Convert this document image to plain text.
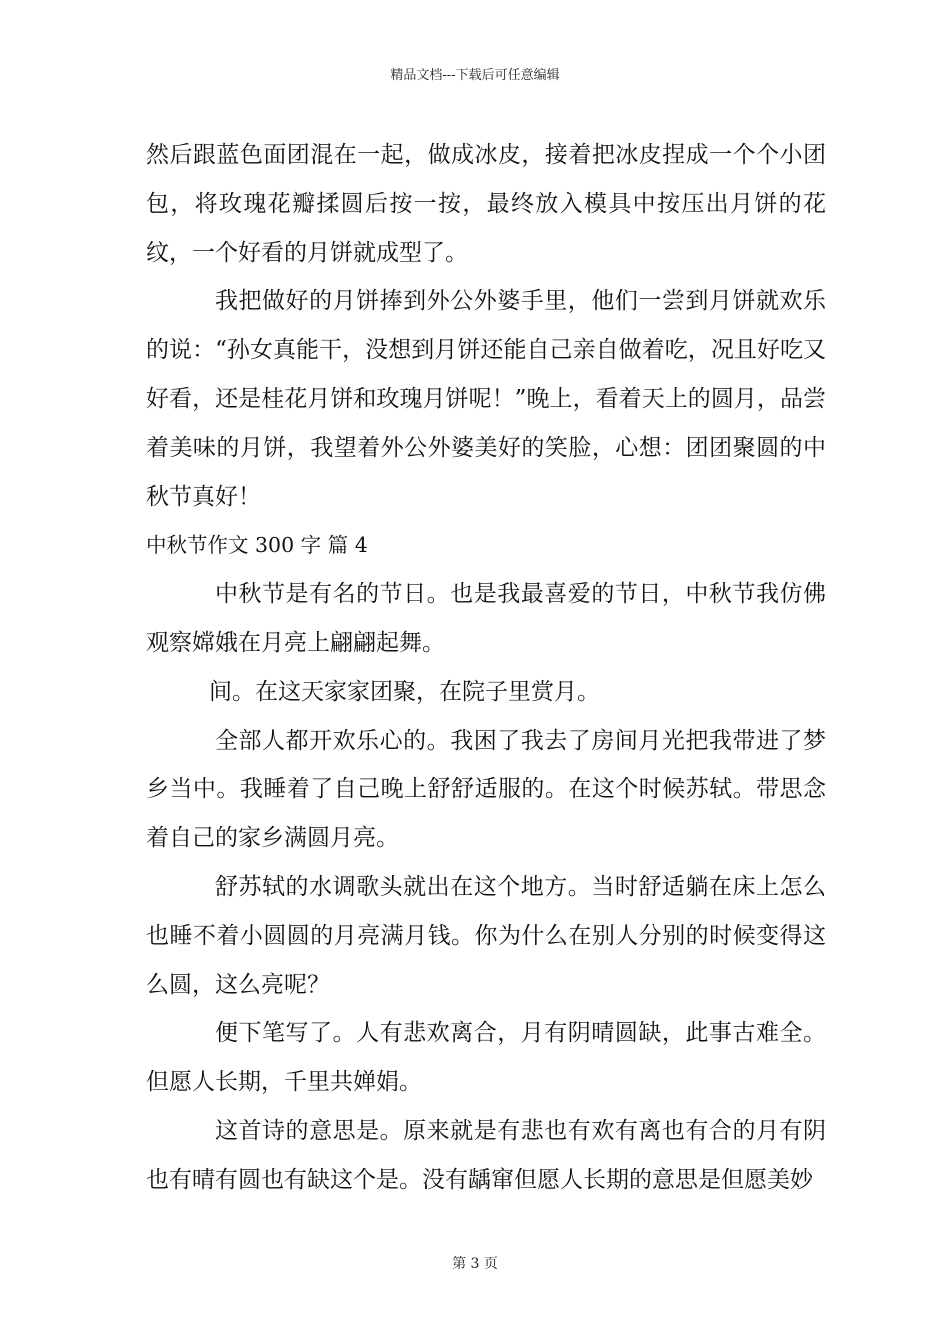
精品文档---下载后可任意编辑

然后跟蓝色面团混在一起，做成冰皮，接着把冰皮捏成一个个小团包，将玫瑰花瓣揉圆后按一按，最终放入模具中按压出月饼的花纹，一个好看的月饼就成型了。

我把做好的月饼捧到外公外婆手里，他们一尝到月饼就欢乐的说：“孙女真能干，没想到月饼还能自己亲自做着吃，况且好吃又好看，还是桂花月饼和玫瑰月饼呢！”晚上，看着天上的圆月，品尝着美味的月饼，我望着外公外婆美好的笑脸，心想：团团聚圆的中秋节真好！

中秋节作文 300 字 篇 4

中秋节是有名的节日。也是我最喜爱的节日，中秋节我仿佛观察嫦娥在月亮上翩翩起舞。

间。在这天家家团聚，在院子里赏月。

全部人都开欢乐心的。我困了我去了房间月光把我带进了梦乡当中。我睡着了自己晚上舒舒适服的。在这个时候苏轼。带思念着自己的家乡满圆月亮。

舒苏轼的水调歌头就出在这个地方。当时舒适躺在床上怎么也睡不着小圆圆的月亮满月钱。你为什么在别人分别的时候变得这么圆，这么亮呢？

便下笔写了。人有悲欢离合，月有阴晴圆缺，此事古难全。但愿人长期，千里共婵娟。

这首诗的意思是。原来就是有悲也有欢有离也有合的月有阴也有晴有圆也有缺这个是。没有龋窜但愿人长期的意思是但愿美妙

第 3 页
